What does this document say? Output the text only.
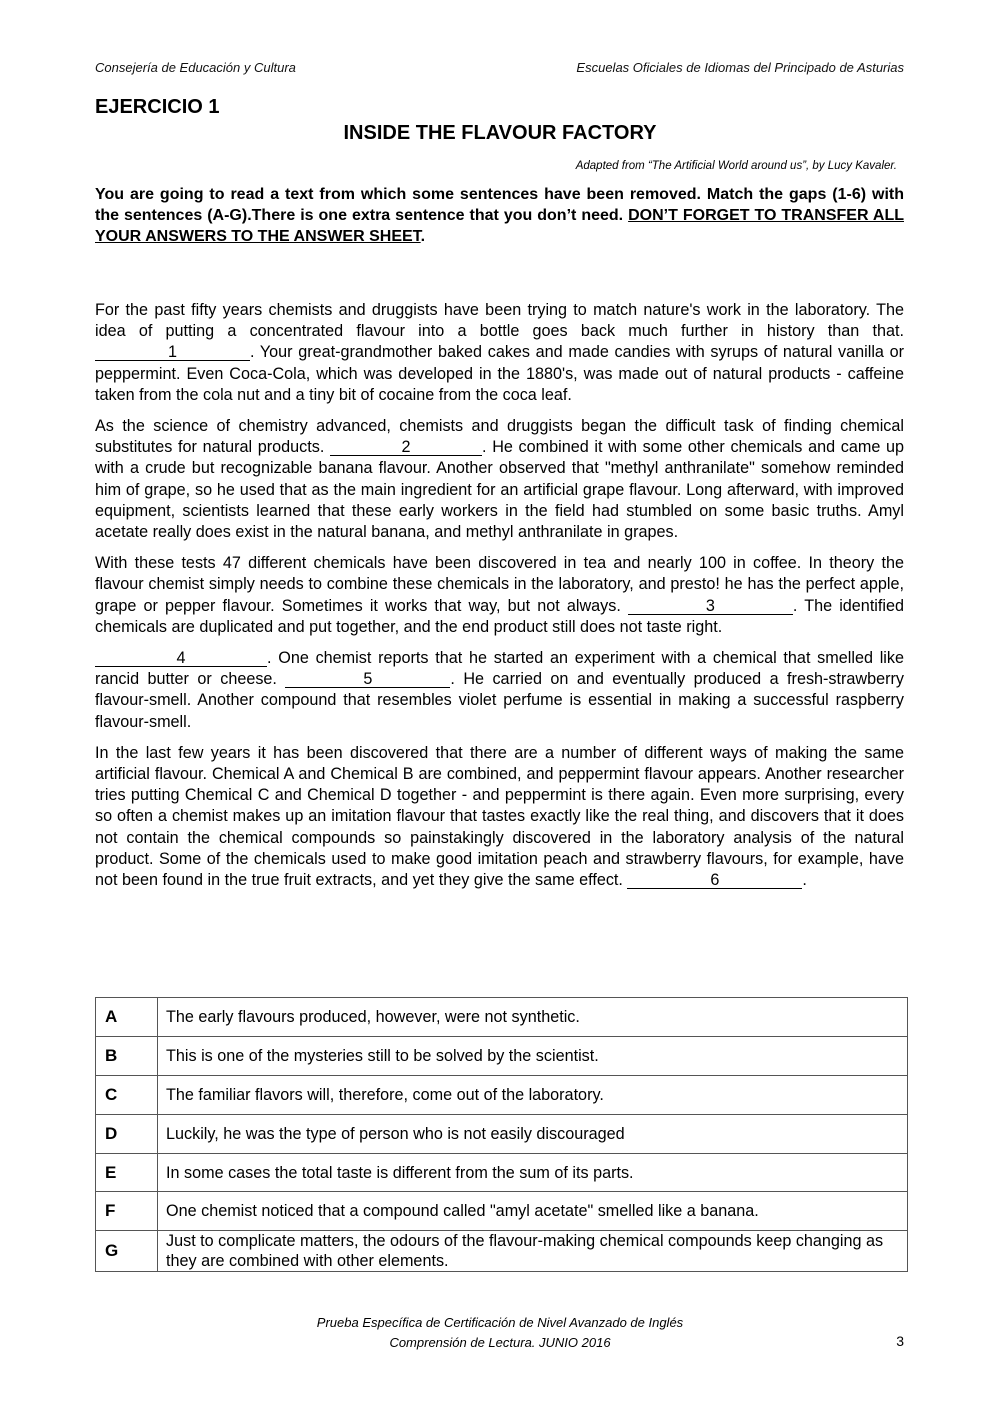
Consejería de Educación y Cultura	Escuelas Oficiales de Idiomas del Principado de Asturias
EJERCICIO 1
INSIDE THE FLAVOUR FACTORY
Adapted from “The Artificial World around us”, by Lucy Kavaler.
You are going to read a text from which some sentences have been removed. Match the gaps (1-6) with the sentences (A-G).There is one extra sentence that you don’t need. DON’T FORGET TO TRANSFER ALL YOUR ANSWERS TO THE ANSWER SHEET.

For the past fifty years chemists and druggists have been trying to match nature's work in the laboratory. The idea of putting a concentrated flavour into a bottle goes back much further in history than that. 1	. Your great-grandmother baked cakes and made candies with syrups of natural vanilla or peppermint. Even Coca-Cola, which was developed in the 1880's, was made out of natural products - caffeine taken from the cola nut and a tiny bit of cocaine from the coca leaf.

As the science of chemistry advanced, chemists and druggists began the difficult task of finding chemical substitutes for natural products.	2	. He combined it with some other chemicals and came up with a crude but recognizable banana flavour. Another observed that "methyl anthranilate" somehow reminded him of grape, so he used that as the main ingredient for an artificial grape flavour. Long afterward, with improved equipment, scientists learned that these early workers in the field had stumbled on some basic truths. Amyl acetate really does exist in the natural banana, and methyl anthranilate in grapes.

With these tests 47 different chemicals have been discovered in tea and nearly 100 in coffee. In theory the flavour chemist simply needs to combine these chemicals in the laboratory, and presto! he has the perfect apple, grape or pepper flavour. Sometimes it works that way, but not always.	3	. The identified chemicals are duplicated and put together, and the end product still does not taste right.

4	. One chemist reports that he started an experiment with a chemical that smelled like rancid butter or cheese.	5	. He carried on and eventually produced a fresh-strawberry flavour-smell. Another compound that resembles violet perfume is essential in making a successful raspberry flavour-smell.

In the last few years it has been discovered that there are a number of different ways of making the same artificial flavour. Chemical A and Chemical B are combined, and peppermint flavour appears. Another researcher tries putting Chemical C and Chemical D together - and peppermint is there again. Even more surprising, every so often a chemist makes up an imitation flavour that tastes exactly like the real thing, and discovers that it does not contain the chemical compounds so painstakingly discovered in the laboratory analysis of the natural product. Some of the chemicals used to make good imitation peach and strawberry flavours, for example, have not been found in the true fruit extracts, and yet they give the same effect.	6	.

A	The early flavours produced, however, were not synthetic.
B	This is one of the mysteries still to be solved by the scientist.
C	The familiar flavors will, therefore, come out of the laboratory.
D	Luckily, he was the type of person who is not easily discouraged
E	In some cases the total taste is different from the sum of its parts.
F	One chemist noticed that a compound called "amyl acetate" smelled like a banana.
G	Just to complicate matters, the odours of the flavour-making chemical compounds keep changing as they are combined with other elements.
Prueba Específica de Certificación de Nivel Avanzado de Inglés
Comprensión de Lectura. JUNIO 2016	3
